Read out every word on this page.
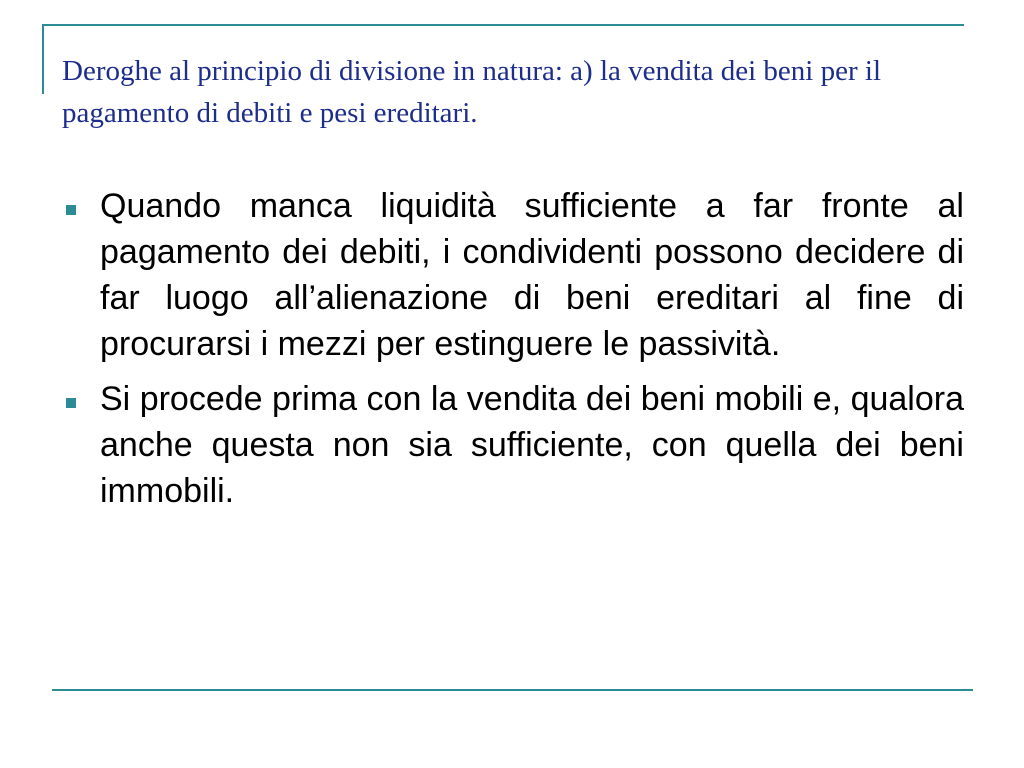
Deroghe al principio di divisione in natura: a) la vendita dei beni per il pagamento di debiti e pesi ereditari.
Quando manca liquidità sufficiente a far fronte al pagamento dei debiti, i condividenti possono decidere di far luogo all’alienazione di beni ereditari al fine di procurarsi i mezzi per estinguere le passività.
Si procede prima con la vendita dei beni mobili e, qualora anche questa non sia sufficiente, con quella dei beni immobili.
